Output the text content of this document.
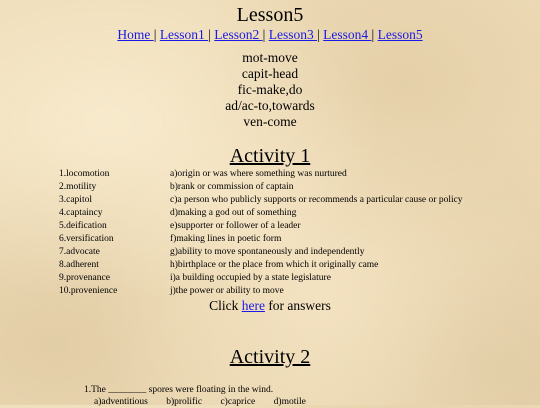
Lesson5
Home | Lesson1 | Lesson2 | Lesson3 | Lesson4 | Lesson5
mot-move
capit-head
fic-make,do
ad/ac-to,towards
ven-come
Activity 1
1.locomotion
2.motility
3.capitol
4.captaincy
5.deification
6.versification
7.advocate
8.adherent
9.provenance
10.provenience
a)origin or was where something was nurtured
b)rank or commission of captain
c)a person who publicly supports or recommends a particular cause or policy
d)making a god out of something
e)supporter or follower of a leader
f)making lines in poetic form
g)ability to move spontaneously and independently
h)birthplace or the place from which it originally came
i)a building occupied by a state legislature
j)the power or ability to move
Click here for answers
Activity 2
1.The ________ spores were floating in the wind.
a)adventitious b)prolific c)caprice d)motile
